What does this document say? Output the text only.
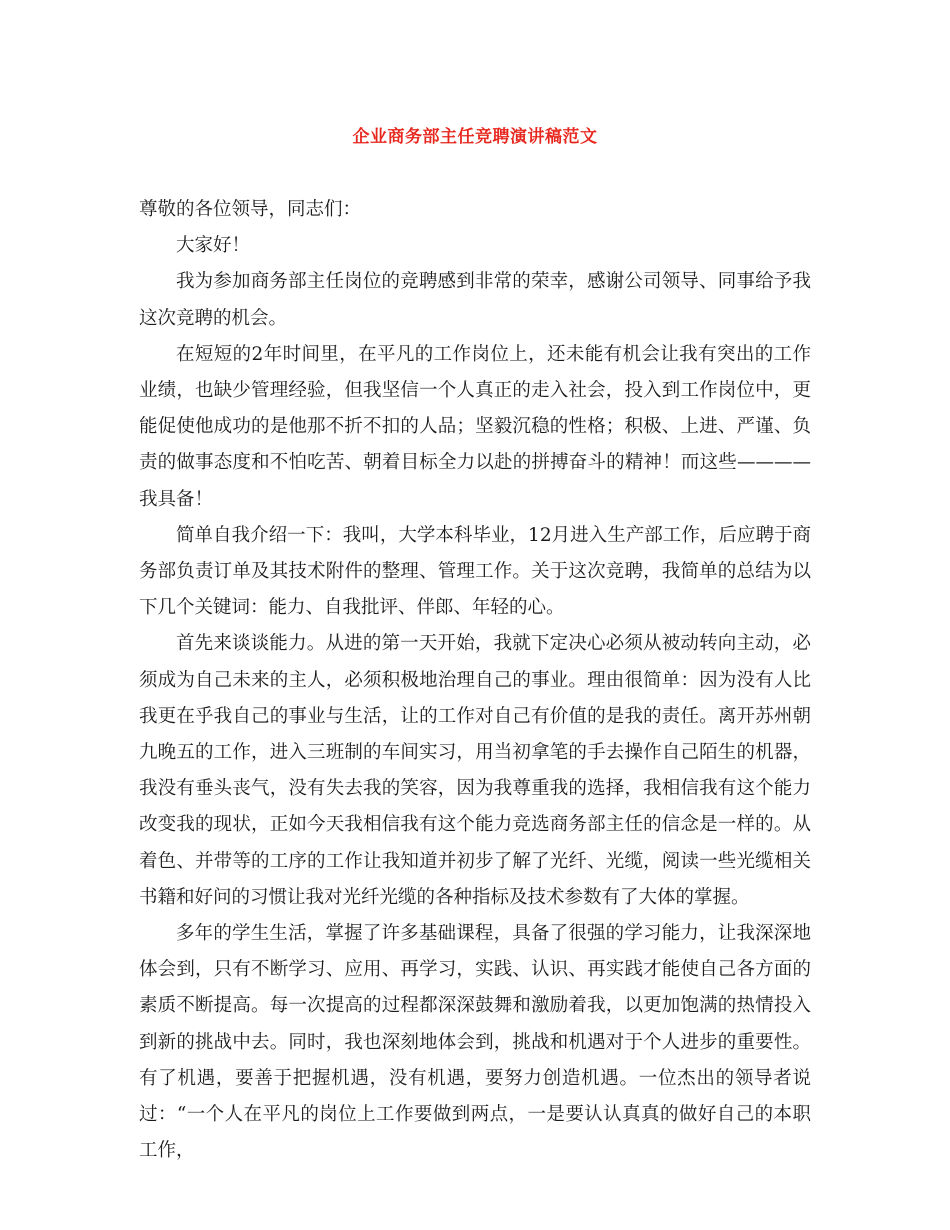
企业商务部主任竞聘演讲稿范文

尊敬的各位领导，同志们：

大家好！

我为参加商务部主任岗位的竞聘感到非常的荣幸，感谢公司领导、同事给予我这次竞聘的机会。

在短短的2年时间里，在平凡的工作岗位上，还未能有机会让我有突出的工作业绩，也缺少管理经验，但我坚信一个人真正的走入社会，投入到工作岗位中，更能促使他成功的是他那不折不扣的人品；坚毅沉稳的性格；积极、上进、严谨、负责的做事态度和不怕吃苦、朝着目标全力以赴的拼搏奋斗的精神！而这些————我具备！

简单自我介绍一下：我叫，大学本科毕业，12月进入生产部工作，后应聘于商务部负责订单及其技术附件的整理、管理工作。关于这次竞聘，我简单的总结为以下几个关键词：能力、自我批评、伴郎、年轻的心。

首先来谈谈能力。从进的第一天开始，我就下定决心必须从被动转向主动，必须成为自己未来的主人，必须积极地治理自己的事业。理由很简单：因为没有人比我更在乎我自己的事业与生活，让的工作对自己有价值的是我的责任。离开苏州朝九晚五的工作，进入三班制的车间实习，用当初拿笔的手去操作自己陌生的机器，我没有垂头丧气，没有失去我的笑容，因为我尊重我的选择，我相信我有这个能力改变我的现状，正如今天我相信我有这个能力竞选商务部主任的信念是一样的。从着色、并带等的工序的工作让我知道并初步了解了光纤、光缆，阅读一些光缆相关书籍和好问的习惯让我对光纤光缆的各种指标及技术参数有了大体的掌握。

多年的学生生活，掌握了许多基础课程，具备了很强的学习能力，让我深深地体会到，只有不断学习、应用、再学习，实践、认识、再实践才能使自己各方面的素质不断提高。每一次提高的过程都深深鼓舞和激励着我，以更加饱满的热情投入到新的挑战中去。同时，我也深刻地体会到，挑战和机遇对于个人进步的重要性。有了机遇，要善于把握机遇，没有机遇，要努力创造机遇。一位杰出的领导者说过：“一个人在平凡的岗位上工作要做到两点，一是要认认真真的做好自己的本职工作，
